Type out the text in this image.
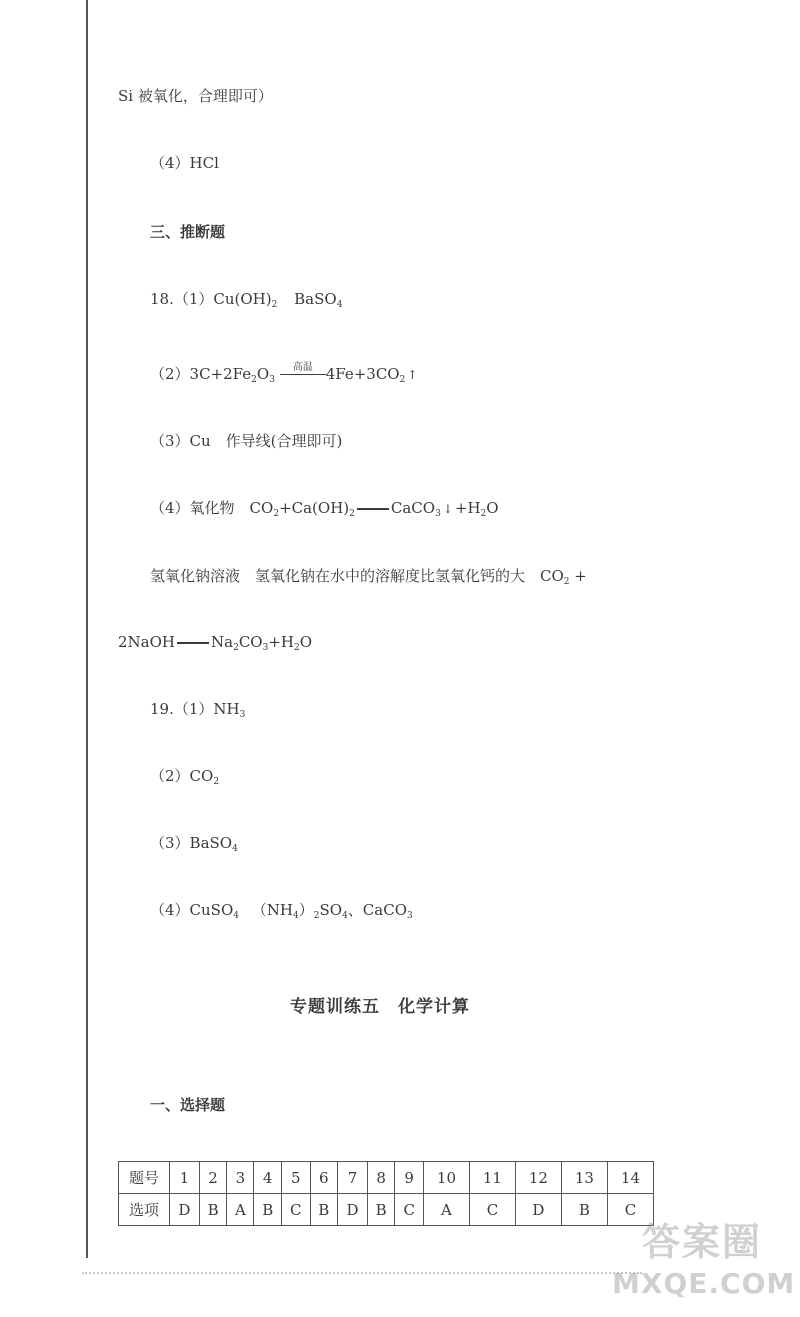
Si 被氧化，合理即可）
（4）HCl
三、推断题
$18.(1)Cu(OH)_2$ BaSO$_4$
$(2)3C+2Fe_2O_3$
高温 $4Fe+3CO_2$ ↑
（3）Cu　作导线(合理即可)
（4）氧化物　$CO_2+Ca(OH)_2$ CaCO$_3$ ↓ $+H_2O$
氢氧化钠溶液　氢氧化钠在水中的溶解度比氢氧化钙的大　$CO_2$ +
2NaOH $Na_2CO_3+H_2O$
$19.(1)NH_3$
$(2)CO_2$
（3）BaSO$_4$
（4）CuSO$_4$ $(NH_4)_2SO_4$、CaCO$_3$
专题训练五　化学计算
一、选择题
题号	1	2	3	4	5	6	7	8	9	10	11	12	13	14
选项	D	B	A	B	C	B	D	B	C	A	C	D	B	C
答案圈
MXQE.COM
